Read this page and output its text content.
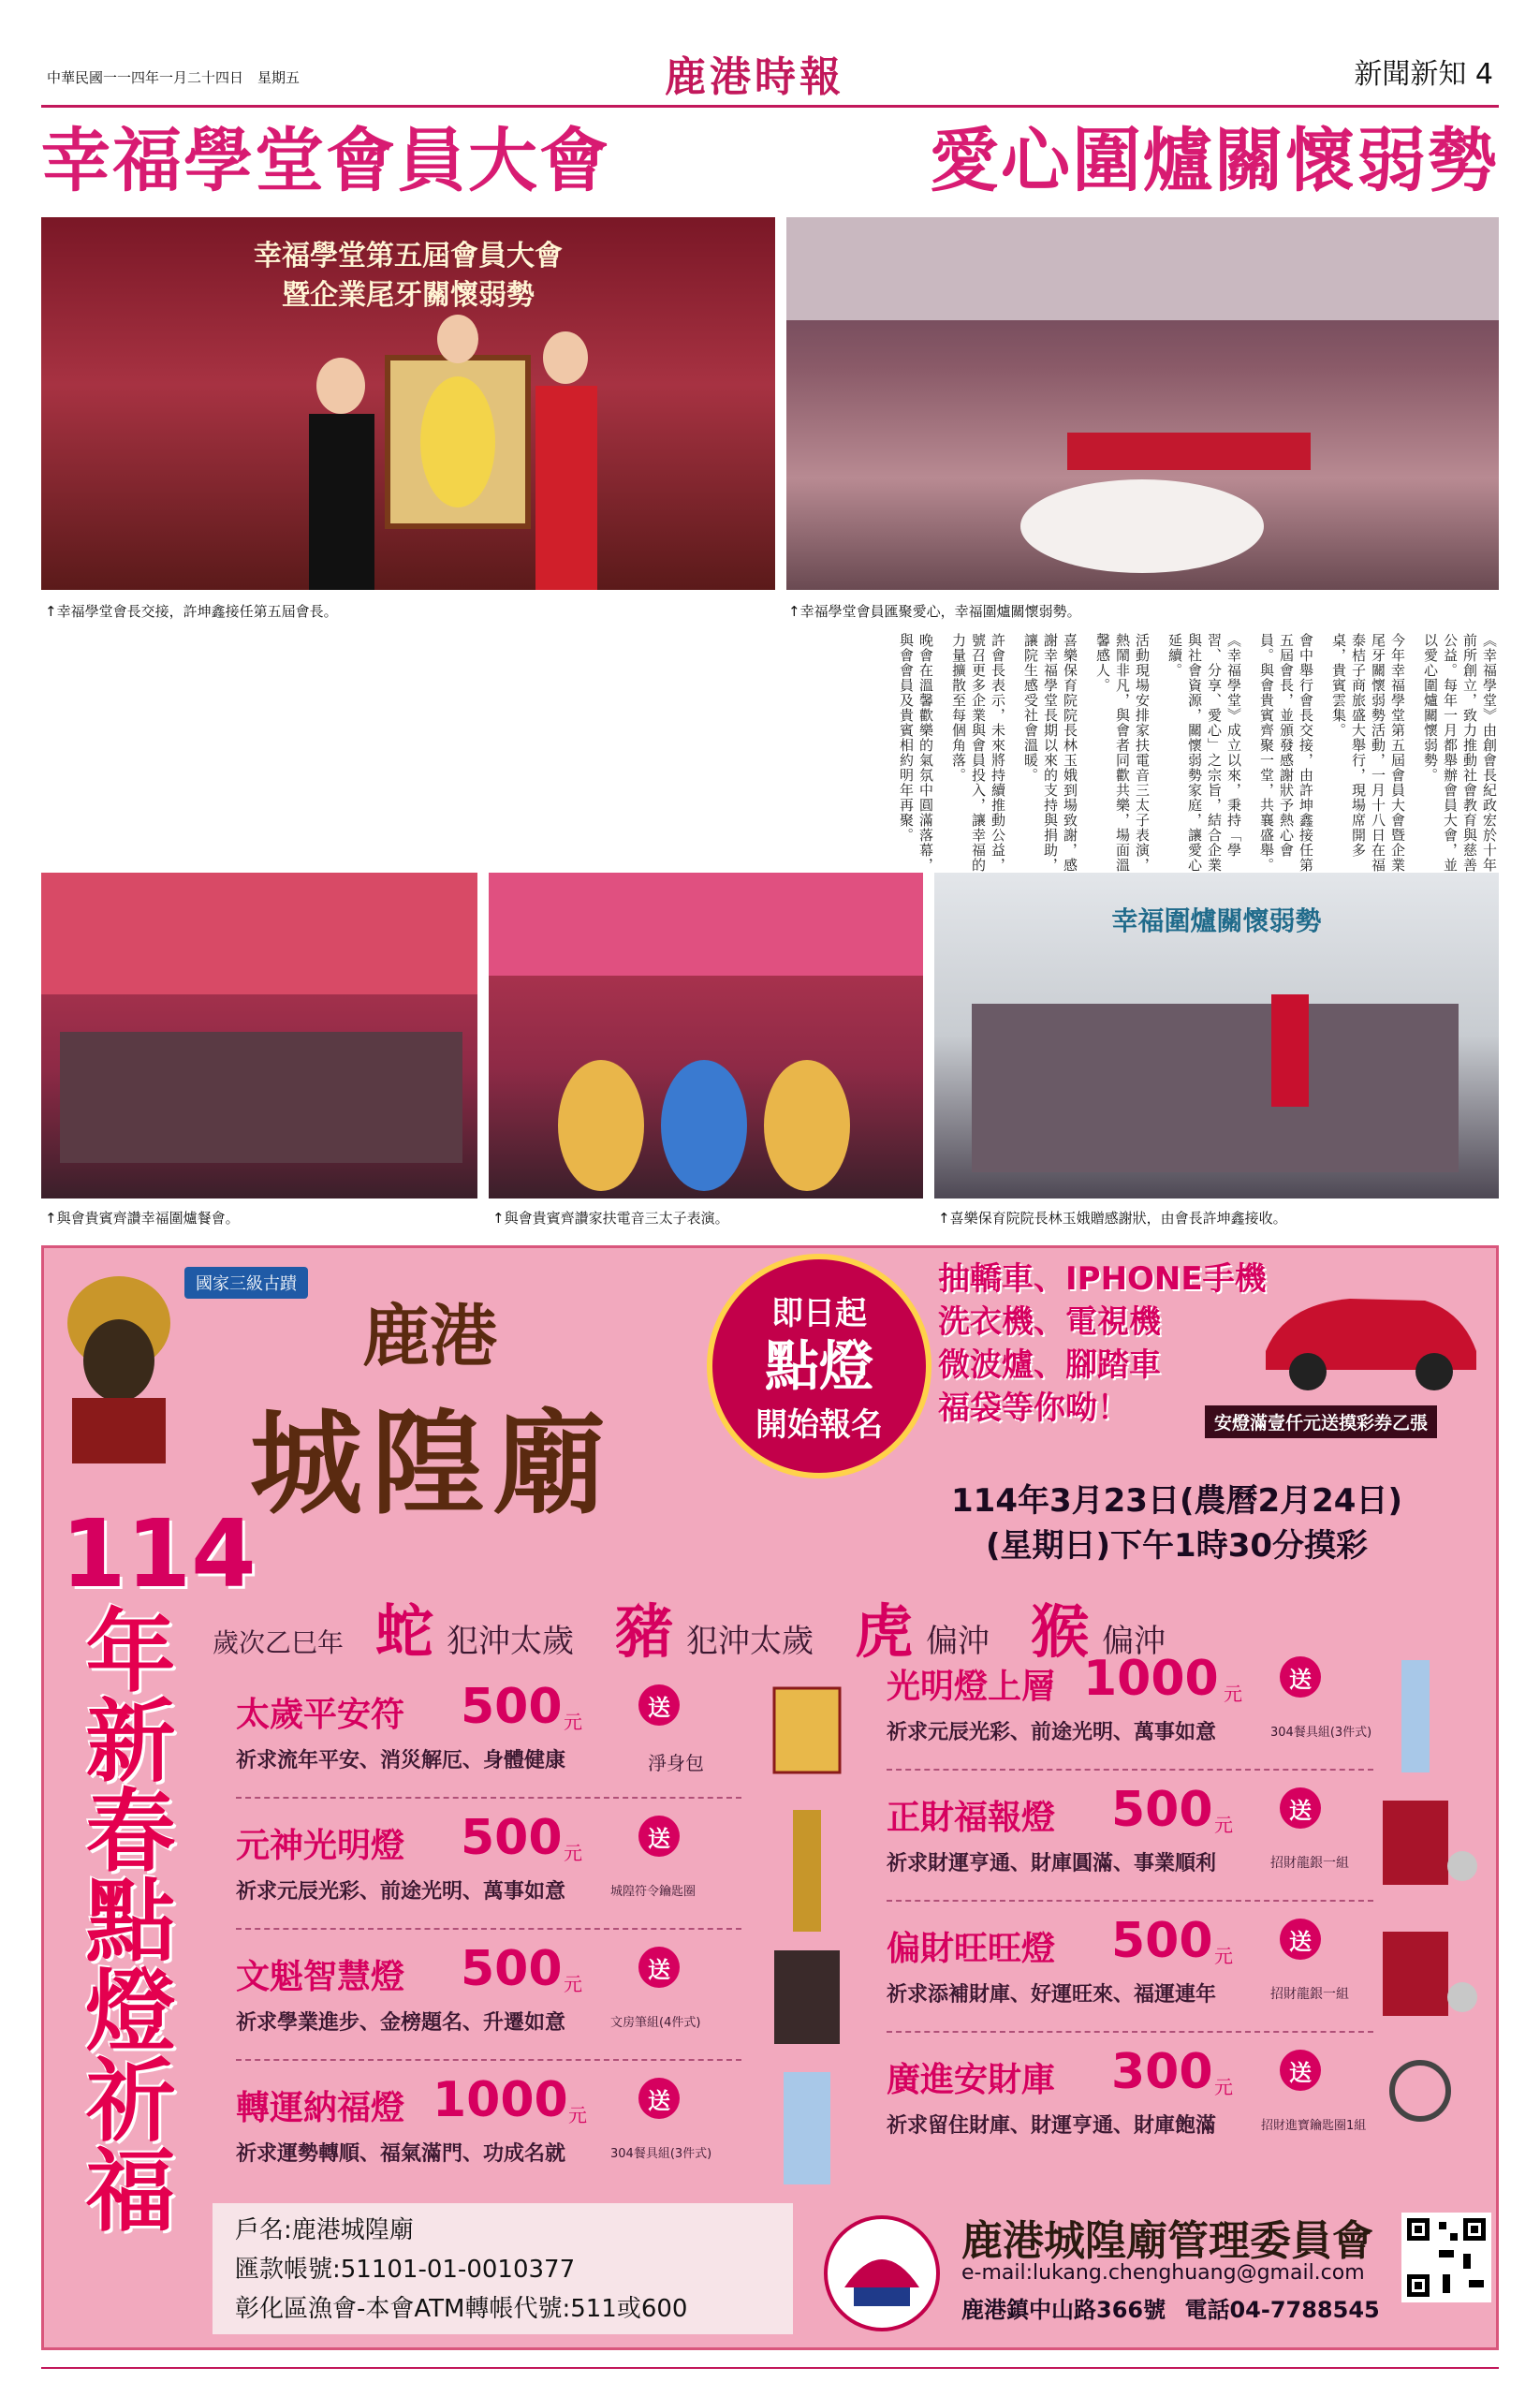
中華民國一一四年一月二十四日　星期五	鹿港時報	新聞新知 4
幸福學堂會員大會	愛心圍爐關懷弱勢
幸福學堂第五屆會員大會
暨企業尾牙關懷弱勢
↑幸福學堂會長交接，許坤鑫接任第五屆會長。	↑幸福學堂會員匯聚愛心，幸福圍爐關懷弱勢。
《幸福學堂》由創會長紀政宏於十年前所創立，致力推動社會教育與慈善公益。每年一月都舉辦會員大會，並以愛心圍爐關懷弱勢。
今年幸福學堂第五屆會員大會暨企業尾牙關懷弱勢活動，一月十八日在福泰桔子商旅盛大舉行，現場席開多桌，貴賓雲集。
會中舉行會長交接，由許坤鑫接任第五屆會長，並頒發感謝狀予熱心會員。與會貴賓齊聚一堂，共襄盛舉。
《幸福學堂》成立以來，秉持「學習、分享、愛心」之宗旨，結合企業與社會資源，關懷弱勢家庭，讓愛心延續。
活動現場安排家扶電音三太子表演，熱鬧非凡，與會者同歡共樂，場面溫馨感人。
喜樂保育院院長林玉娥到場致謝，感謝幸福學堂長期以來的支持與捐助，讓院生感受社會溫暖。
許會長表示，未來將持續推動公益，號召更多企業與會員投入，讓幸福的力量擴散至每個角落。
晚會在溫馨歡樂的氣氛中圓滿落幕，與會會員及貴賓相約明年再聚。
幸福圍爐關懷弱勢
↑與會貴賓齊讚幸福圍爐餐會。	↑與會貴賓齊讚家扶電音三太子表演。	↑喜樂保育院院長林玉娥贈感謝狀，由會長許坤鑫接收。
國家三級古蹟
鹿港
城隍廟
即日起
點燈
開始報名
抽轎車、IPHONE手機
洗衣機、電視機
微波爐、腳踏車
福袋等你呦！	安燈滿壹仟元送摸彩券乙張
114年3月23日(農曆2月24日)
(星期日)下午1時30分摸彩
114
年新春點燈祈福 歲次乙巳年 蛇 犯沖太歲 豬 犯沖太歲 虎 偏沖 猴 偏沖
太歲平安符 500 元
送
祈求流年平安、消災解厄、身體健康	淨身包
元神光明燈 500 元
送
祈求元辰光彩、前途光明、萬事如意	城隍符令鑰匙圈
文魁智慧燈 500 元
送
祈求學業進步、金榜題名、升遷如意	文房筆組(4件式)
轉運納福燈 1000 元
送
祈求運勢轉順、福氣滿門、功成名就	304餐具組(3件式)
光明燈上層 1000 元
送
祈求元辰光彩、前途光明、萬事如意	304餐具組(3件式)
正財福報燈 500 元
送
祈求財運亨通、財庫圓滿、事業順利	招財龍銀一組
偏財旺旺燈 500 元
送
祈求添補財庫、好運旺來、福運連年	招財龍銀一組
廣進安財庫 300 元
送
祈求留住財庫、財運亨通、財庫飽滿	招財進寶鑰匙圈1組
戶名:鹿港城隍廟
匯款帳號:51101-01-0010377
彰化區漁會-本會ATM轉帳代號:511或600
鹿港城隍廟管理委員會
e-mail:lukang.chenghuang@gmail.com
鹿港鎮中山路366號 電話04-7788545
